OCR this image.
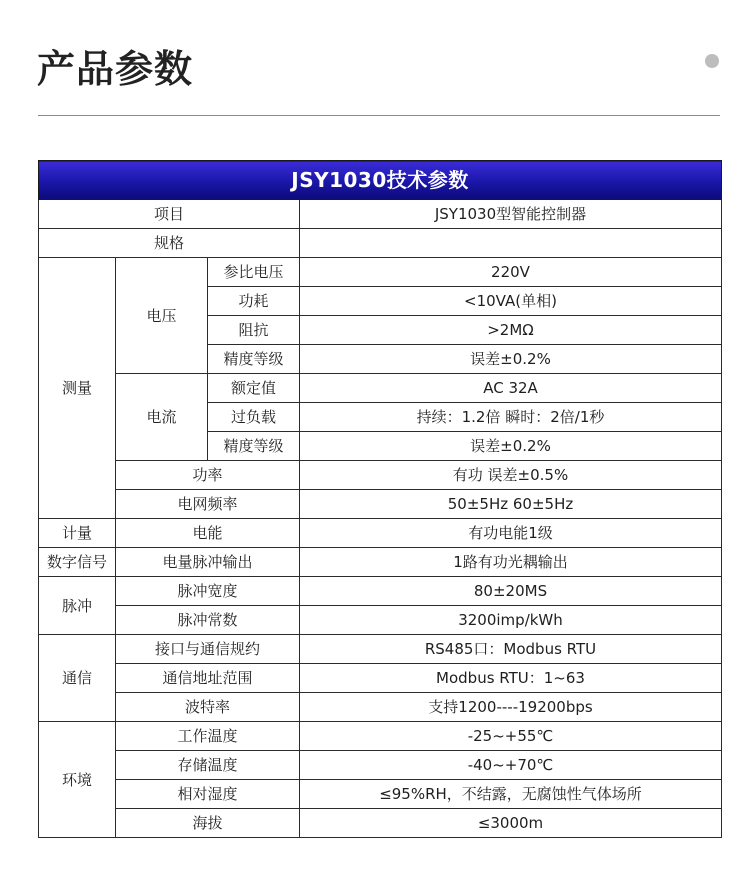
产品参数
JSY1030技术参数			
项目			JSY1030型智能控制器
规格			
测量	电压	参比电压	220V
		功耗	<10VA(单相)
		阻抗	>2MΩ
		精度等级	误差±0.2%
	电流	额定值	AC 32A
		过负载	持续：1.2倍 瞬时：2倍/1秒
		精度等级	误差±0.2%
	功率		有功 误差±0.5%
	电网频率		50±5Hz 60±5Hz
计量	电能		有功电能1级
数字信号	电量脉冲输出		1路有功光耦输出
脉冲	脉冲宽度		80±20MS
	脉冲常数		3200imp/kWh
通信	接口与通信规约		RS485口：Modbus RTU
	通信地址范围		Modbus RTU：1~63
	波特率		支持1200----19200bps
环境	工作温度		-25~+55℃
	存储温度		-40~+70℃
	相对湿度		≤95%RH，不结露，无腐蚀性气体场所
	海拔		≤3000m
